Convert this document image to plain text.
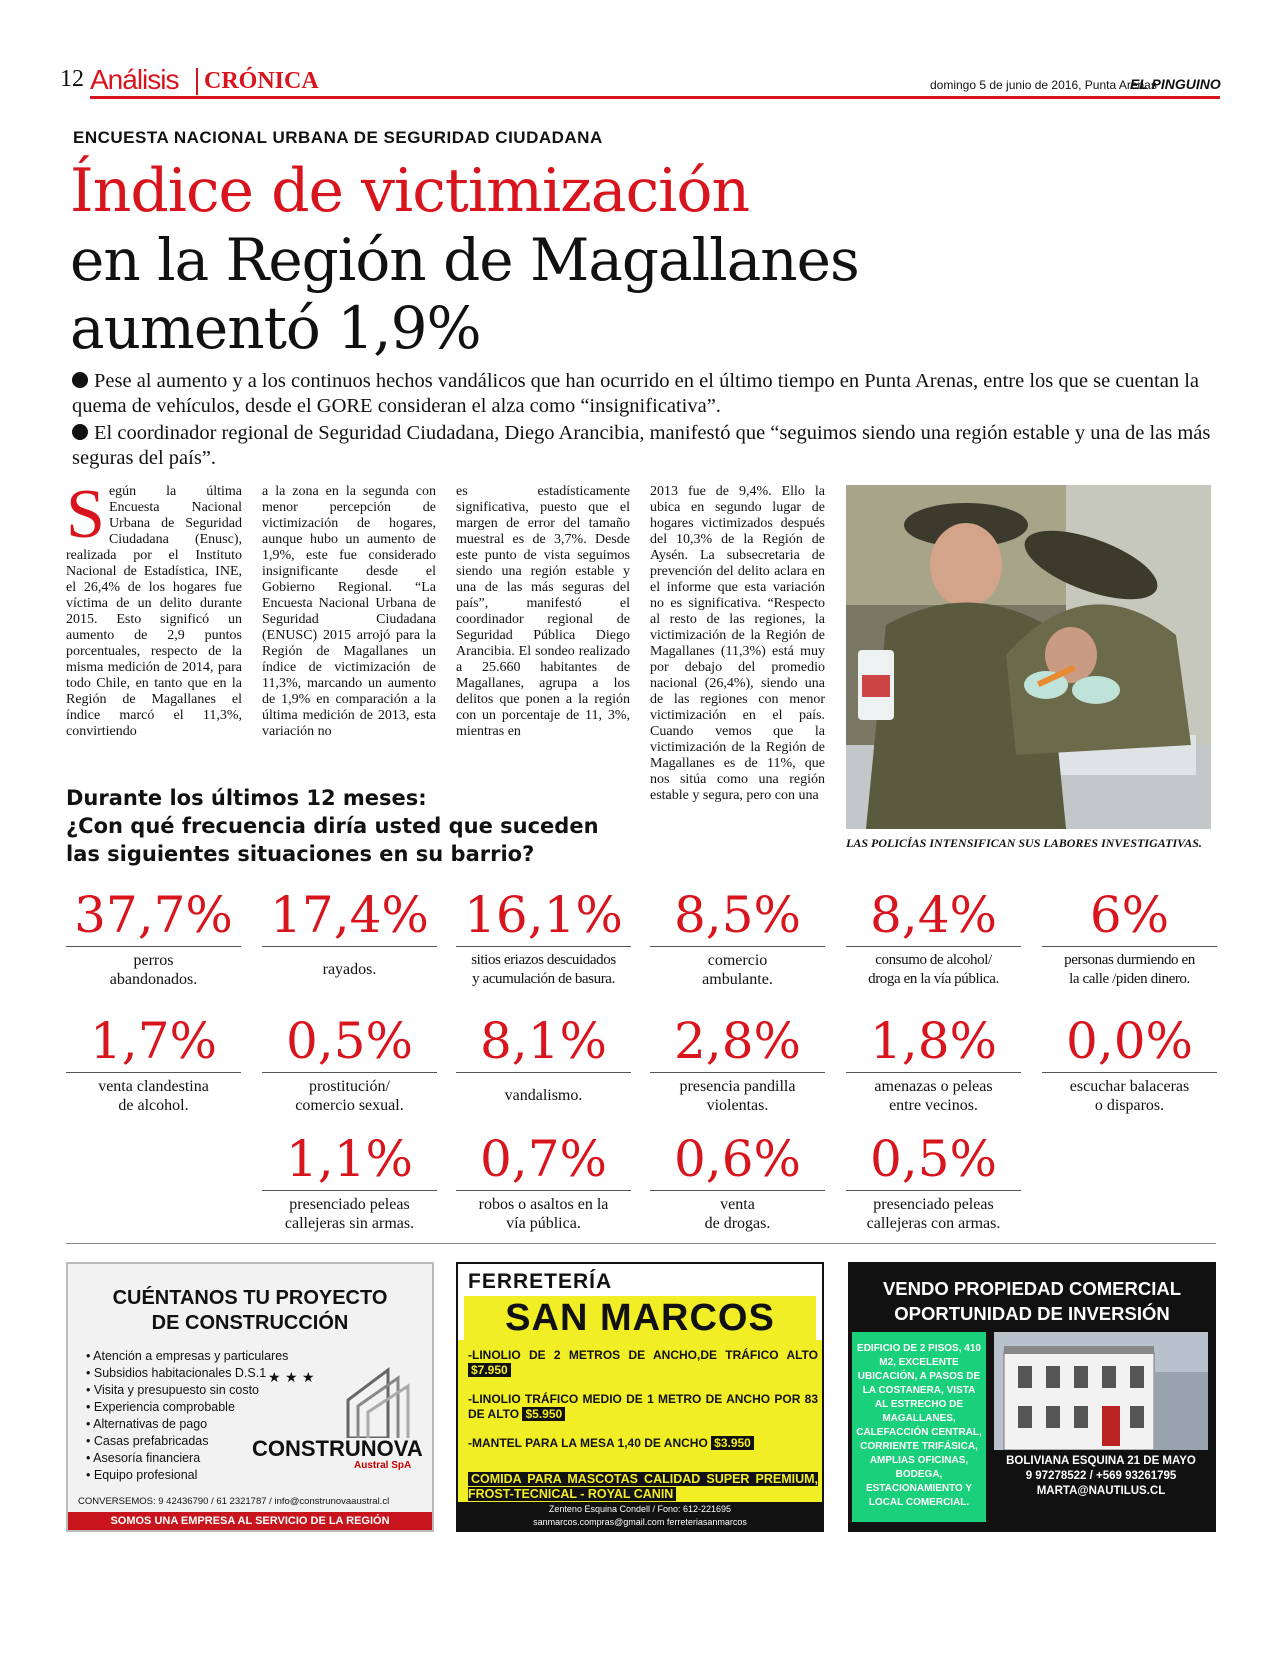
12 Análisis	CRÓNICA	domingo 5 de junio de 2016, Punta Arenas
EL PINGUINO
ENCUESTA NACIONAL URBANA DE SEGURIDAD CIUDADANA
Índice de victimización
en la Región de Magallanes
aumentó 1,9%
Pese al aumento y a los continuos hechos vandálicos que han ocurrido en el último tiempo en Punta Arenas, entre los que se cuentan la quema de vehículos, desde el GORE consideran el alza como “insignificativa”.
El coordinador regional de Seguridad Ciudadana, Diego Arancibia, manifestó que “seguimos siendo una región estable y una de las más seguras del país”.
Según la última Encuesta Nacional Urbana de Seguridad Ciudadana (Enusc), realizada por el Instituto Nacional de Estadística, INE, el 26,4% de los hogares fue víctima de un delito durante 2015. Esto significó un aumento de 2,9 puntos porcentuales, respecto de la misma medición de 2014, para todo Chile, en tanto que en la Región de Magallanes el índice marcó el 11,3%, convirtiendo
a la zona en la segunda con menor percepción de victimización de hogares, aunque hubo un aumento de 1,9%, este fue considerado insignificante desde el Gobierno Regional. “La Encuesta Nacional Urbana de Seguridad Ciudadana (ENUSC) 2015 arrojó para la Región de Magallanes un índice de victimización de 11,3%, marcando un aumento de 1,9% en comparación a la última medición de 2013, esta variación no
es estadísticamente significativa, puesto que el margen de error del tamaño muestral es de 3,7%. Desde este punto de vista seguimos siendo una región estable y una de las más seguras del país”, manifestó el coordinador regional de Seguridad Pública Diego Arancibia. El sondeo realizado a 25.660 habitantes de Magallanes, agrupa a los delitos que ponen a la región con un porcentaje de 11, 3%, mientras en
2013 fue de 9,4%. Ello la ubica en segundo lugar de hogares victimizados después del 10,3% de la Región de Aysén. La subsecretaria de prevención del delito aclara en el informe que esta variación no es significativa. “Respecto al resto de las regiones, la victimización de la Región de Magallanes (11,3%) está muy por debajo del promedio nacional (26,4%), siendo una de las regiones con menor victimización en el país. Cuando vemos que la victimización de la Región de Magallanes es de 11%, que nos sitúa como una región estable y segura, pero con una
LAS POLICÍAS INTENSIFICAN SUS LABORES INVESTIGATIVAS.
Durante los últimos 12 meses:
¿Con qué frecuencia diría usted que suceden
las siguientes situaciones en su barrio?
37,7%
perros
abandonados.
17,4%
rayados.
16,1%
sitios eriazos descuidados
y acumulación de basura.
8,5%
comercio
ambulante.
8,4%
consumo de alcohol/
droga en la vía pública.
6%
personas durmiendo en
la calle /piden dinero.
1,7%
venta clandestina
de alcohol.
0,5%
prostitución/
comercio sexual.
8,1%
vandalismo.
2,8%
presencia pandilla
violentas.
1,8%
amenazas o peleas
entre vecinos.
0,0%
escuchar balaceras
o disparos.
1,1%
presenciado peleas
callejeras sin armas.
0,7%
robos o asaltos en la
vía pública.
0,6%
venta
de drogas.
0,5%
presenciado peleas
callejeras con armas.
CUÉNTANOS TU PROYECTO
DE CONSTRUCCIÓN
• Atención a empresas y particulares
• Subsidios habitacionales D.S.1
• Visita y presupuesto sin costo
• Experiencia comprobable
• Alternativas de pago
• Casas prefabricadas
• Asesoría financiera
• Equipo profesional
★ ★ ★
CONSTRUNOVA
Austral SpA
CONVERSEMOS: 9 42436790 / 61 2321787 / info@construnovaaustral.cl
SOMOS UNA EMPRESA AL SERVICIO DE LA REGIÓN
FERRETERÍA
SAN MARCOS
-LINOLIO DE 2 METROS DE ANCHO,DE TRÁFICO ALTO $7.950
-LINOLIO TRÁFICO MEDIO DE 1 METRO DE ANCHO POR 83 DE ALTO $5.950
-MANTEL PARA LA MESA 1,40 DE ANCHO $3.950
COMIDA PARA MASCOTAS CALIDAD SUPER PREMIUM, FROST-TECNICAL - ROYAL CANIN
Zenteno Esquina Condell / Fono: 612-221695
sanmarcos.compras@gmail.com ferreteriasanmarcos
VENDO PROPIEDAD COMERCIAL
OPORTUNIDAD DE INVERSIÓN
EDIFICIO DE 2 PISOS, 410 M2, EXCELENTE UBICACIÓN, A PASOS DE LA COSTANERA, VISTA AL ESTRECHO DE MAGALLANES, CALEFACCIÓN CENTRAL, CORRIENTE TRIFÁSICA, AMPLIAS OFICINAS, BODEGA, ESTACIONAMIENTO Y LOCAL COMERCIAL.
BOLIVIANA ESQUINA 21 DE MAYO
9 97278522 / +569 93261795
MARTA@NAUTILUS.CL
